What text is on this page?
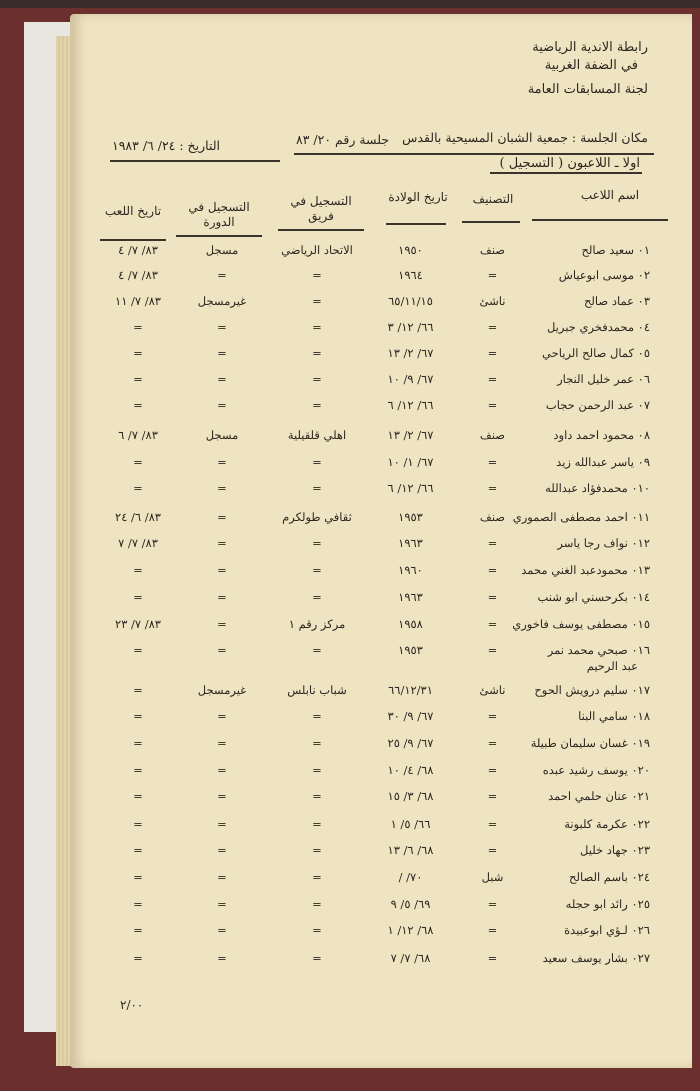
رابطة الاندية الرياضية
في الضفة الغربية
لجنة المسابقات العامة
مكان الجلسة : جمعية الشبان المسيحية بالقدس
جلسة رقم ٢٠/ ٨٣
التاريخ : ٢٤/ ٦/ ١٩٨٣
اولا ـ اللاعبون ( التسجيل )
اسم اللاعب
التصنيف
تاريخ الولادة
التسجيل في فريق
التسجيل في الدورة
تاريخ اللعب
٠١ سعيد صالح
صنف
١٩٥٠
الاتحاد الرياضي
مسجل
٨٣/ ٧/ ٤
٠٢ موسى ابوعياش
=
١٩٦٤
=
=
٨٣/ ٧/ ٤
٠٣ عماد صالح
ناشئ
٦٥/١١/١٥
=
غيرمسجل
٨٣/ ٧/ ١١
٠٤ محمدفخري جبريل
=
٦٦/ ١٢/ ٣
=
=
=
٠٥ كمال صالح الرياحي
=
٦٧/ ٢/ ١٣
=
=
=
٠٦ عمر خليل النجار
=
٦٧/ ٩/ ١٠
=
=
=
٠٧ عبد الرحمن حجاب
=
٦٦/ ١٢/ ٦
=
=
=
٠٨ محمود احمد داود
صنف
٦٧/ ٢/ ١٣
اهلي قلقيلية
مسجل
٨٣/ ٧/ ٦
٠٩ ياسر عبدالله زيد
=
٦٧/ ١/ ١٠
=
=
=
٠١٠ محمدفؤاد عبدالله
=
٦٦/ ١٢/ ٦
=
=
=
٠١١ احمد مصطفى الصموري
صنف
١٩٥٣
ثقافي طولكرم
=
٨٣/ ٦/ ٢٤
٠١٢ نواف رجا ياسر
=
١٩٦٣
=
=
٨٣/ ٧/ ٧
٠١٣ محمودعبد الغني محمد
=
١٩٦٠
=
=
=
٠١٤ بكرحسني ابو شنب
=
١٩٦٣
=
=
=
٠١٥ مصطفى يوسف فاخوري
=
١٩٥٨
مركز رقم ١
=
٨٣/ ٧/ ٢٣
٠١٦ صبحي محمد نمر
=
١٩٥٣
=
=
=
عبد الرحيم
٠١٧ سليم درويش الحوح
ناشئ
٦٦/١٢/٣١
شباب نابلس
غيرمسجل
=
٠١٨ سامي البنا
=
٦٧/ ٩/ ٣٠
=
=
=
٠١٩ غسان سليمان طبيلة
=
٦٧/ ٩/ ٢٥
=
=
=
٠٢٠ يوسف رشيد عبده
=
٦٨/ ٤/ ١٠
=
=
=
٠٢١ عنان حلمي احمد
=
٦٨/ ٣/ ١٥
=
=
=
٠٢٢ عكرمة كلبونة
=
٦٦/ ٥/ ١
=
=
=
٠٢٣ جهاد خليل
=
٦٨/ ٦/ ١٣
=
=
=
٠٢٤ باسم الصالح
شبل
٧٠/ /
=
=
=
٠٢٥ رائد ابو حجله
=
٦٩/ ٥/ ٩
=
=
=
٠٢٦ لـؤي ابوعبيدة
=
٦٨/ ١٢/ ١
=
=
=
٠٢٧ بشار يوسف سعيد
=
٦٨/ ٧/ ٧
=
=
=
٢/٠٠
